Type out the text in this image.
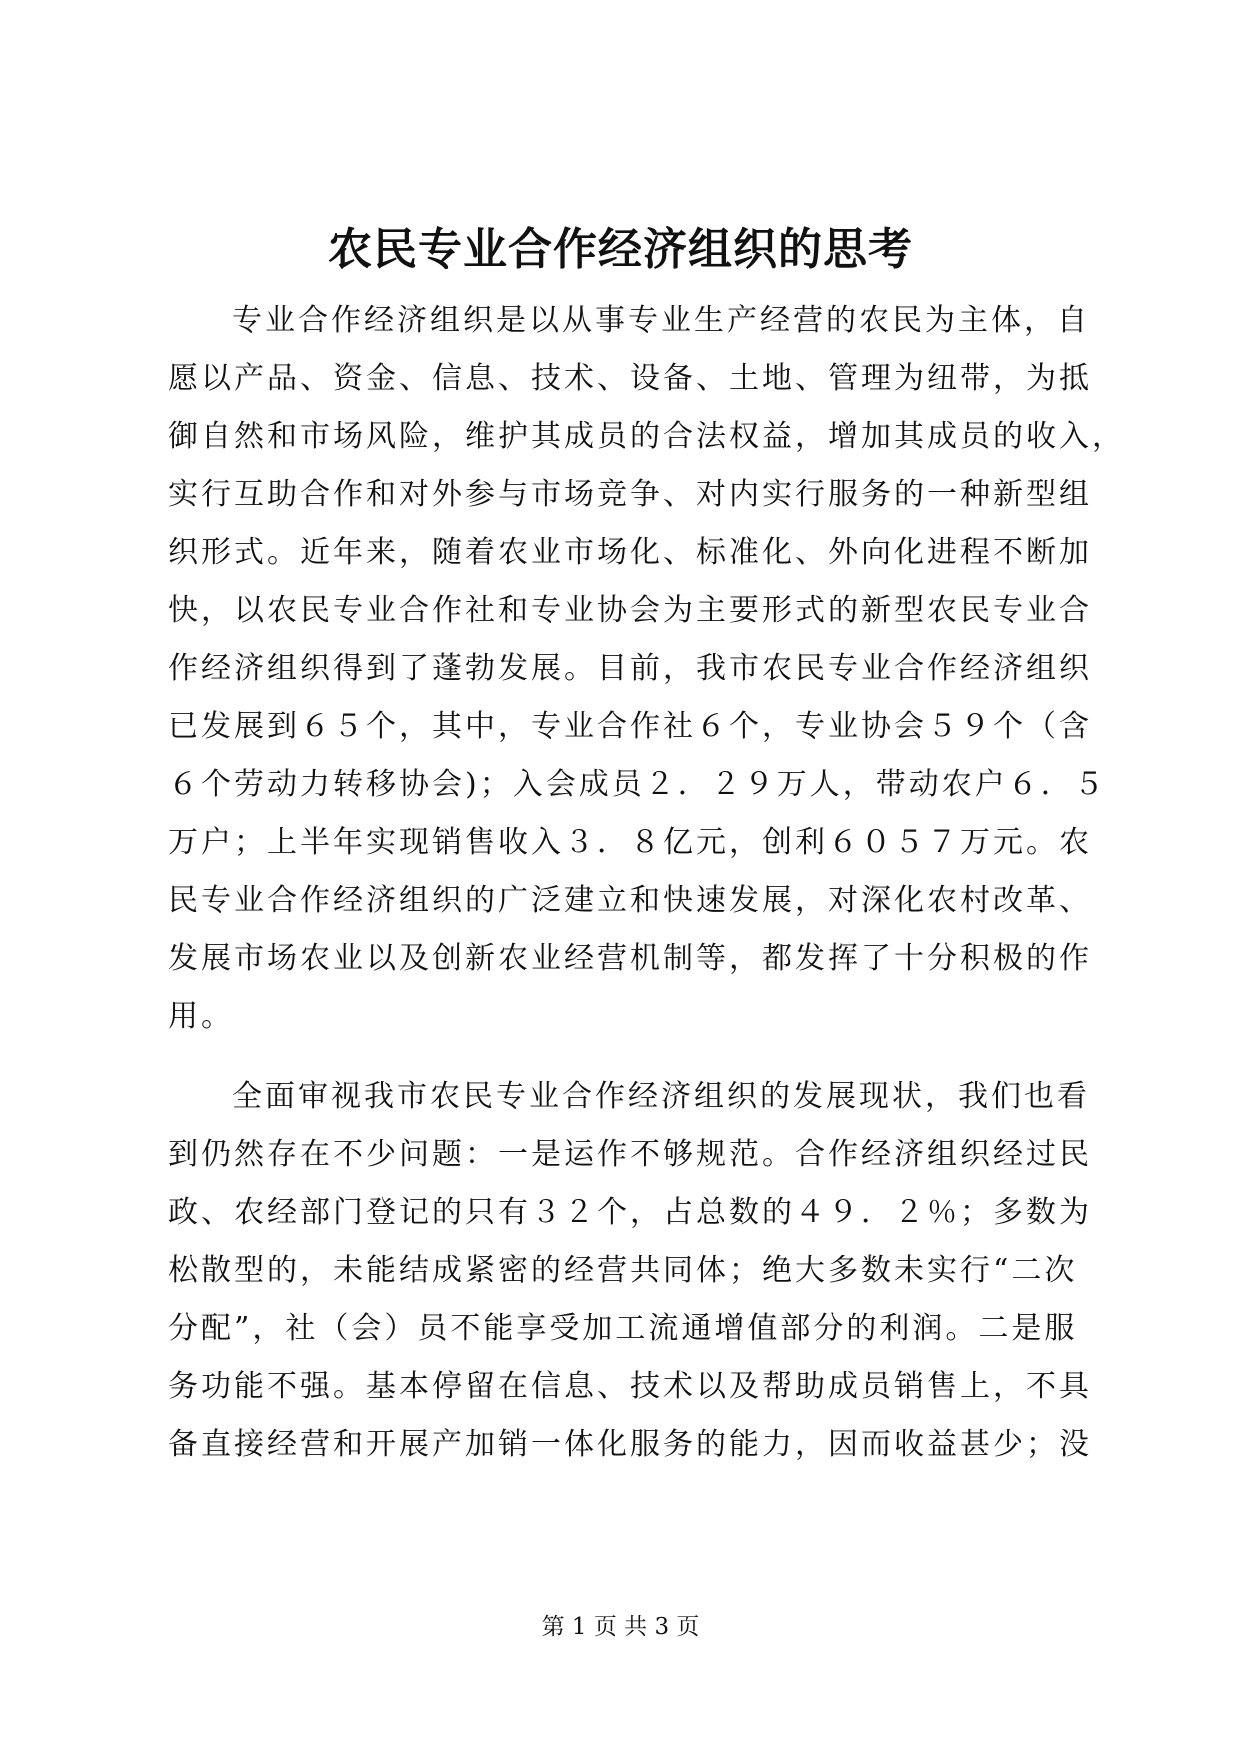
农民专业合作经济组织的思考
专业合作经济组织是以从事专业生产经营的农民为主体，自
愿以产品、资金、信息、技术、设备、土地、管理为纽带，为抵
御自然和市场风险，维护其成员的合法权益，增加其成员的收入，
实行互助合作和对外参与市场竞争、对内实行服务的一种新型组
织形式。近年来，随着农业市场化、标准化、外向化进程不断加
快，以农民专业合作社和专业协会为主要形式的新型农民专业合
作经济组织得到了蓬勃发展。目前，我市农民专业合作经济组织
已发展到６５个，其中，专业合作社６个，专业协会５９个（含
６个劳动力转移协会)；入会成员２．２９万人，带动农户６．５
万户；上半年实现销售收入３．８亿元，创利６０５７万元。农
民专业合作经济组织的广泛建立和快速发展，对深化农村改革、
发展市场农业以及创新农业经营机制等，都发挥了十分积极的作
用。
全面审视我市农民专业合作经济组织的发展现状，我们也看
到仍然存在不少问题：一是运作不够规范。合作经济组织经过民
政、农经部门登记的只有３２个，占总数的４９．２％；多数为
松散型的，未能结成紧密的经营共同体；绝大多数未实行“二次
分配”，社（会）员不能享受加工流通增值部分的利润。二是服
务功能不强。基本停留在信息、技术以及帮助成员销售上，不具
备直接经营和开展产加销一体化服务的能力，因而收益甚少；没
第 1 页 共 3 页
